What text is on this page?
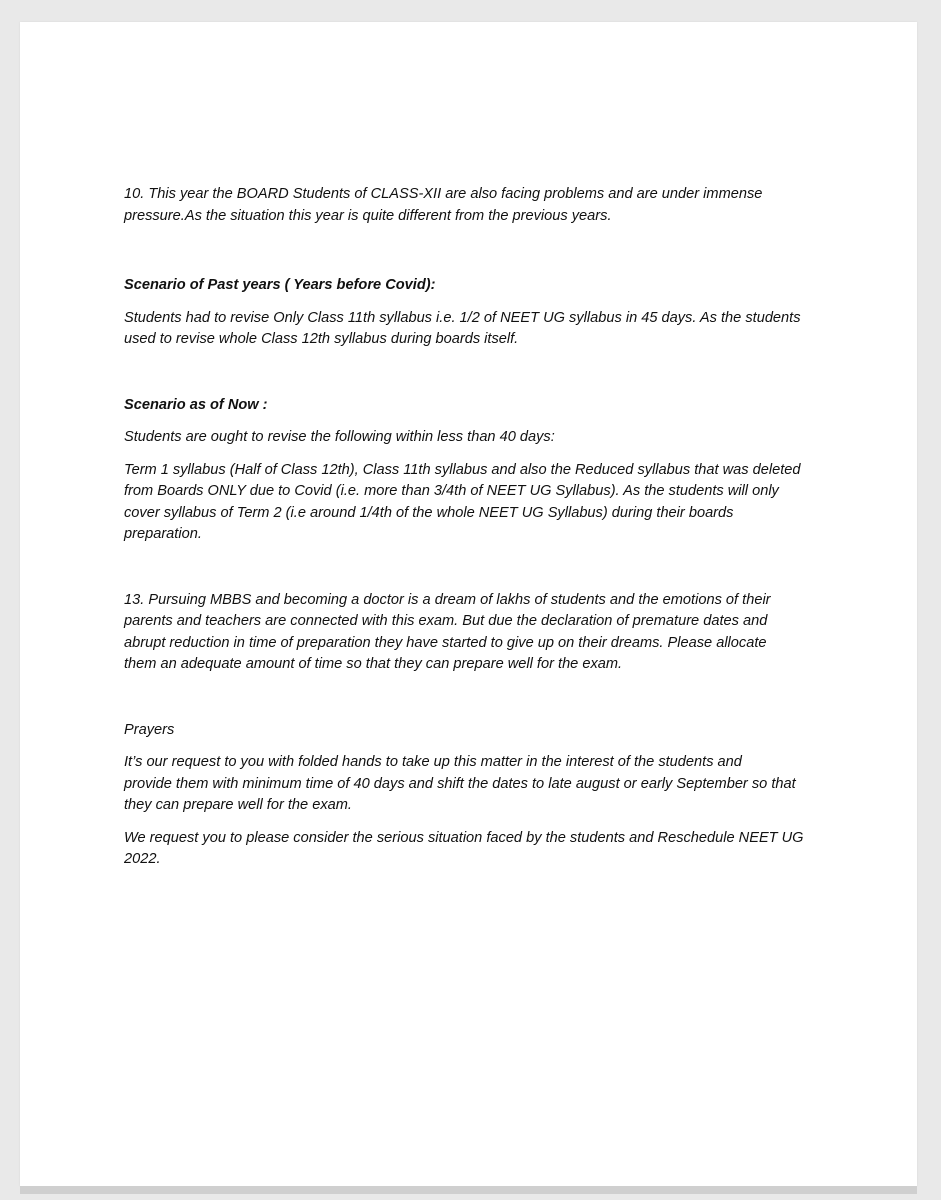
10. This year the BOARD Students of CLASS-XII are also facing problems and are under immense
pressure.As the situation this year is quite different from the previous years.

Scenario of Past years ( Years before Covid):

Students had to revise Only Class 11th syllabus i.e. 1/2 of NEET UG syllabus in 45 days. As the students
used to revise whole Class 12th syllabus during boards itself.

Scenario as of Now :

Students are ought to revise the following within less than 40 days:

Term 1 syllabus (Half of Class 12th), Class 11th syllabus and also the Reduced syllabus that was deleted
from Boards ONLY due to Covid (i.e. more than 3/4th of NEET UG Syllabus). As the students will only
cover syllabus of Term 2 (i.e around 1/4th of the whole NEET UG Syllabus) during their boards
preparation.

13. Pursuing MBBS and becoming a doctor is a dream of lakhs of students and the emotions of their
parents and teachers are connected with this exam. But due the declaration of premature dates and
abrupt reduction in time of preparation they have started to give up on their dreams. Please allocate
them an adequate amount of time so that they can prepare well for the exam.

Prayers

It’s our request to you with folded hands to take up this matter in the interest of the students and
provide them with minimum time of 40 days and shift the dates to late august or early September so that
they can prepare well for the exam.

We request you to please consider the serious situation faced by the students and Reschedule NEET UG
2022.
